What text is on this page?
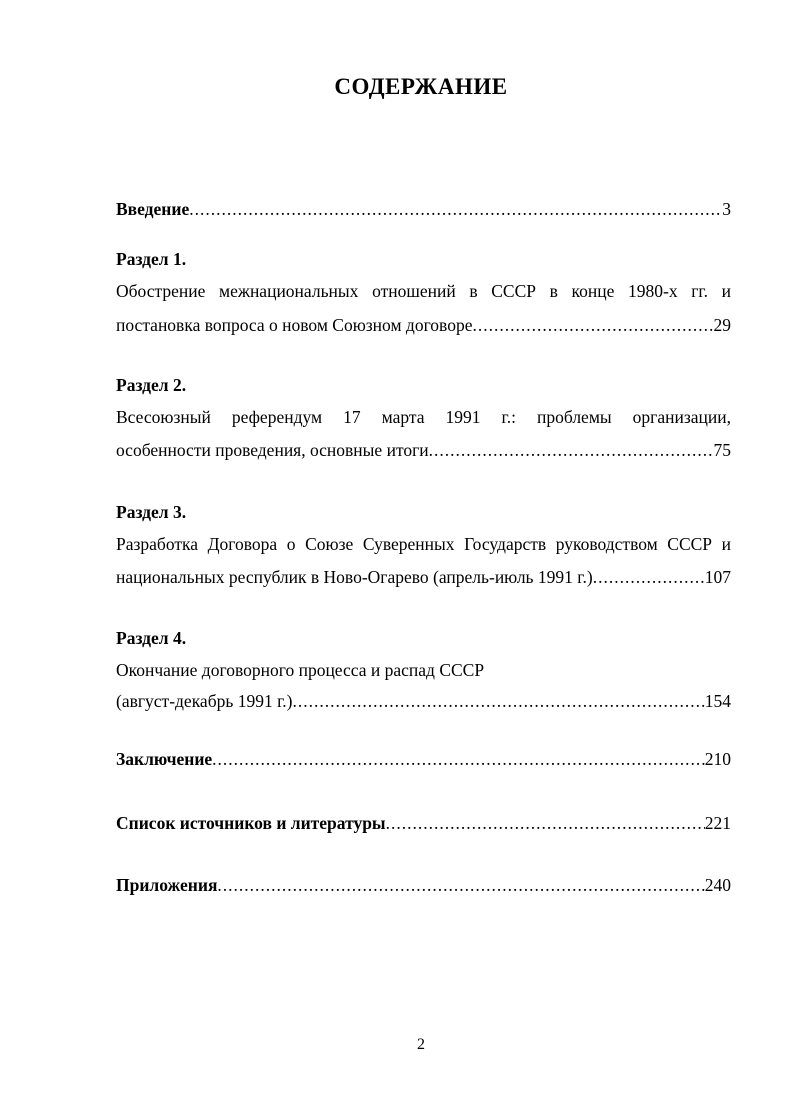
СОДЕРЖАНИЕ
Введение .....	3
Раздел 1.
Обострение межнациональных отношений в СССР в конце 1980-х гг. и
постановка вопроса о новом Союзном договоре .....	29
Раздел 2.
Всесоюзный референдум 17 марта 1991 г.: проблемы организации,
особенности проведения, основные итоги .....	75
Раздел 3.
Разработка Договора о Союзе Суверенных Государств руководством СССР и
национальных республик в Ново-Огарево (апрель-июль 1991 г.) .....	107
Раздел 4.
Окончание договорного процесса и распад СССР
(август-декабрь 1991 г.) .....	154
Заключение .....	210
Список источников и литературы .....	221
Приложения .....	240
2
